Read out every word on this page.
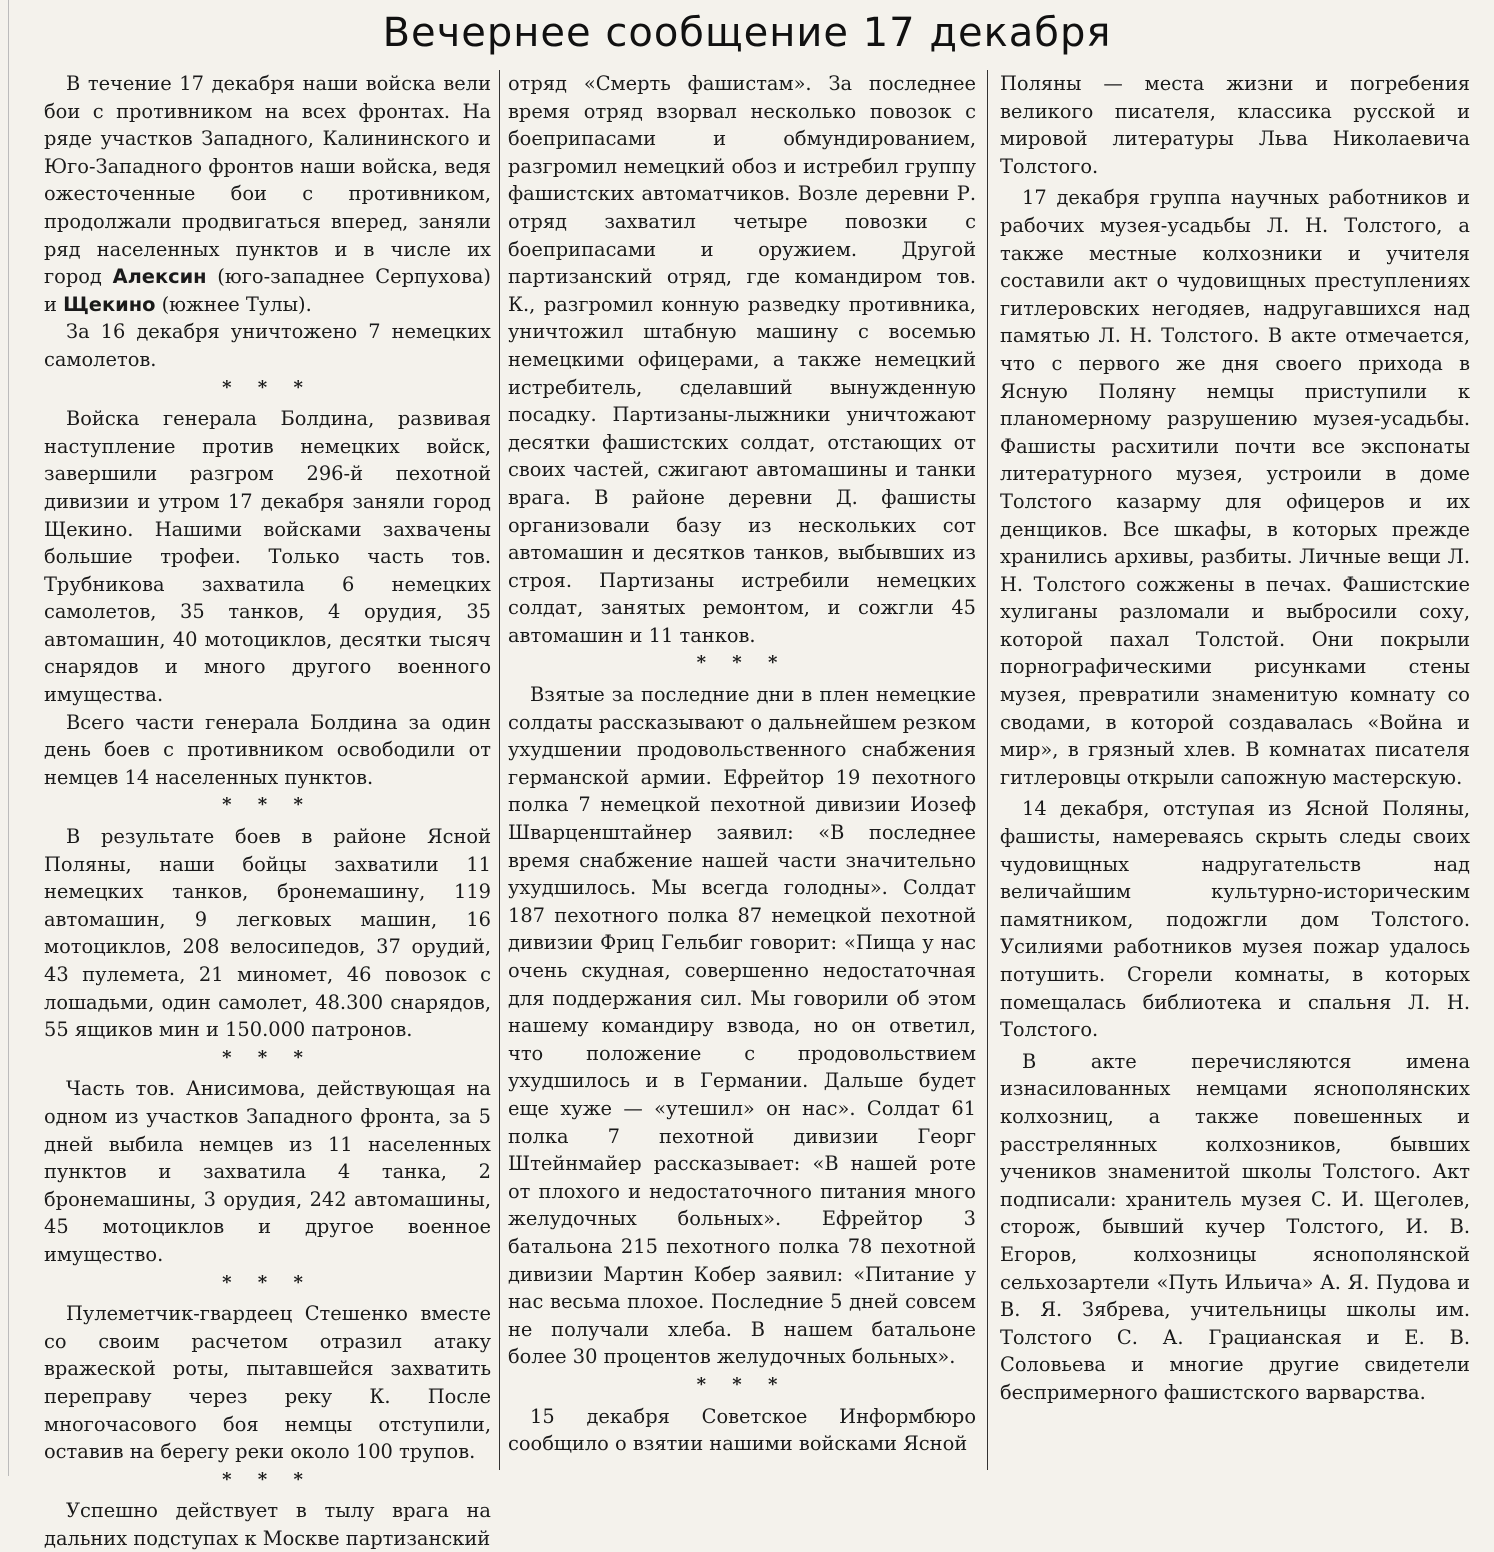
Вечернее сообщение 17 декабря

В течение 17 декабря наши войска вели бои с противником на всех фронтах. На ряде участков Западного, Калининского и Юго-Западного фронтов наши войска, ведя ожесточенные бои с противником, продолжали продвигаться вперед, заняли ряд населенных пунктов и в числе их город Алексин (юго-западнее Серпухова) и Щекино (южнее Тулы).

За 16 декабря уничтожено 7 немецких самолетов.

* * *

Войска генерала Болдина, развивая наступление против немецких войск, завершили разгром 296-й пехотной дивизии и утром 17 декабря заняли город Щекино. Нашими войсками захвачены большие трофеи. Только часть тов. Трубникова захватила 6 немецких самолетов, 35 танков, 4 орудия, 35 автомашин, 40 мотоциклов, десятки тысяч снарядов и много другого военного имущества.

Всего части генерала Болдина за один день боев с противником освободили от немцев 14 населенных пунктов.

* * *

В результате боев в районе Ясной Поляны, наши бойцы захватили 11 немецких танков, бронемашину, 119 автомашин, 9 легковых машин, 16 мотоциклов, 208 велосипедов, 37 орудий, 43 пулемета, 21 миномет, 46 повозок с лошадьми, один самолет, 48.300 снарядов, 55 ящиков мин и 150.000 патронов.

* * *

Часть тов. Анисимова, действующая на одном из участков Западного фронта, за 5 дней выбила немцев из 11 населенных пунктов и захватила 4 танка, 2 бронемашины, 3 орудия, 242 автомашины, 45 мотоциклов и другое военное имущество.

* * *

Пулеметчик-гвардеец Стешенко вместе со своим расчетом отразил атаку вражеской роты, пытавшейся захватить переправу через реку К. После многочасового боя немцы отступили, оставив на берегу реки около 100 трупов.

* * *

Успешно действует в тылу врага на дальних подступах к Москве партизанский

отряд «Смерть фашистам». За последнее время отряд взорвал несколько повозок с боеприпасами и обмундированием, разгромил немецкий обоз и истребил группу фашистских автоматчиков. Возле деревни Р. отряд захватил четыре повозки с боеприпасами и оружием. Другой партизанский отряд, где командиром тов. К., разгромил конную разведку противника, уничтожил штабную машину с восемью немецкими офицерами, а также немецкий истребитель, сделавший вынужденную посадку. Партизаны-лыжники уничтожают десятки фашистских солдат, отстающих от своих частей, сжигают автомашины и танки врага. В районе деревни Д. фашисты организовали базу из нескольких сот автомашин и десятков танков, выбывших из строя. Партизаны истребили немецких солдат, занятых ремонтом, и сожгли 45 автомашин и 11 танков.

* * *

Взятые за последние дни в плен немецкие солдаты рассказывают о дальнейшем резком ухудшении продовольственного снабжения германской армии. Ефрейтор 19 пехотного полка 7 немецкой пехотной дивизии Иозеф Шварценштайнер заявил: «В последнее время снабжение нашей части значительно ухудшилось. Мы всегда голодны». Солдат 187 пехотного полка 87 немецкой пехотной дивизии Фриц Гельбиг говорит: «Пища у нас очень скудная, совершенно недостаточная для поддержания сил. Мы говорили об этом нашему командиру взвода, но он ответил, что положение с продовольствием ухудшилось и в Германии. Дальше будет еще хуже — «утешил» он нас». Солдат 61 полка 7 пехотной дивизии Георг Штейнмайер рассказывает: «В нашей роте от плохого и недостаточного питания много желудочных больных». Ефрейтор 3 батальона 215 пехотного полка 78 пехотной дивизии Мартин Кобер заявил: «Питание у нас весьма плохое. Последние 5 дней совсем не получали хлеба. В нашем батальоне более 30 процентов желудочных больных».

* * *

15 декабря Советское Информбюро сообщило о взятии нашими войсками Ясной

Поляны — места жизни и погребения великого писателя, классика русской и мировой литературы Льва Николаевича Толстого.

17 декабря группа научных работников и рабочих музея-усадьбы Л. Н. Толстого, а также местные колхозники и учителя составили акт о чудовищных преступлениях гитлеровских негодяев, надругавшихся над памятью Л. Н. Толстого. В акте отмечается, что с первого же дня своего прихода в Ясную Поляну немцы приступили к планомерному разрушению музея-усадьбы. Фашисты расхитили почти все экспонаты литературного музея, устроили в доме Толстого казарму для офицеров и их денщиков. Все шкафы, в которых прежде хранились архивы, разбиты. Личные вещи Л. Н. Толстого сожжены в печах. Фашистские хулиганы разломали и выбросили соху, которой пахал Толстой. Они покрыли порнографическими рисунками стены музея, превратили знаменитую комнату со сводами, в которой создавалась «Война и мир», в грязный хлев. В комнатах писателя гитлеровцы открыли сапожную мастерскую.

14 декабря, отступая из Ясной Поляны, фашисты, намереваясь скрыть следы своих чудовищных надругательств над величайшим культурно-историческим памятником, подожгли дом Толстого. Усилиями работников музея пожар удалось потушить. Сгорели комнаты, в которых помещалась библиотека и спальня Л. Н. Толстого.

В акте перечисляются имена изнасилованных немцами яснополянских колхозниц, а также повешенных и расстрелянных колхозников, бывших учеников знаменитой школы Толстого. Акт подписали: хранитель музея С. И. Щеголев, сторож, бывший кучер Толстого, И. В. Егоров, колхозницы яснополянской сельхозартели «Путь Ильича» А. Я. Пудова и В. Я. Зябрева, учительницы школы им. Толстого С. А. Грацианская и Е. В. Соловьева и многие другие свидетели беспримерного фашистского варварства.
